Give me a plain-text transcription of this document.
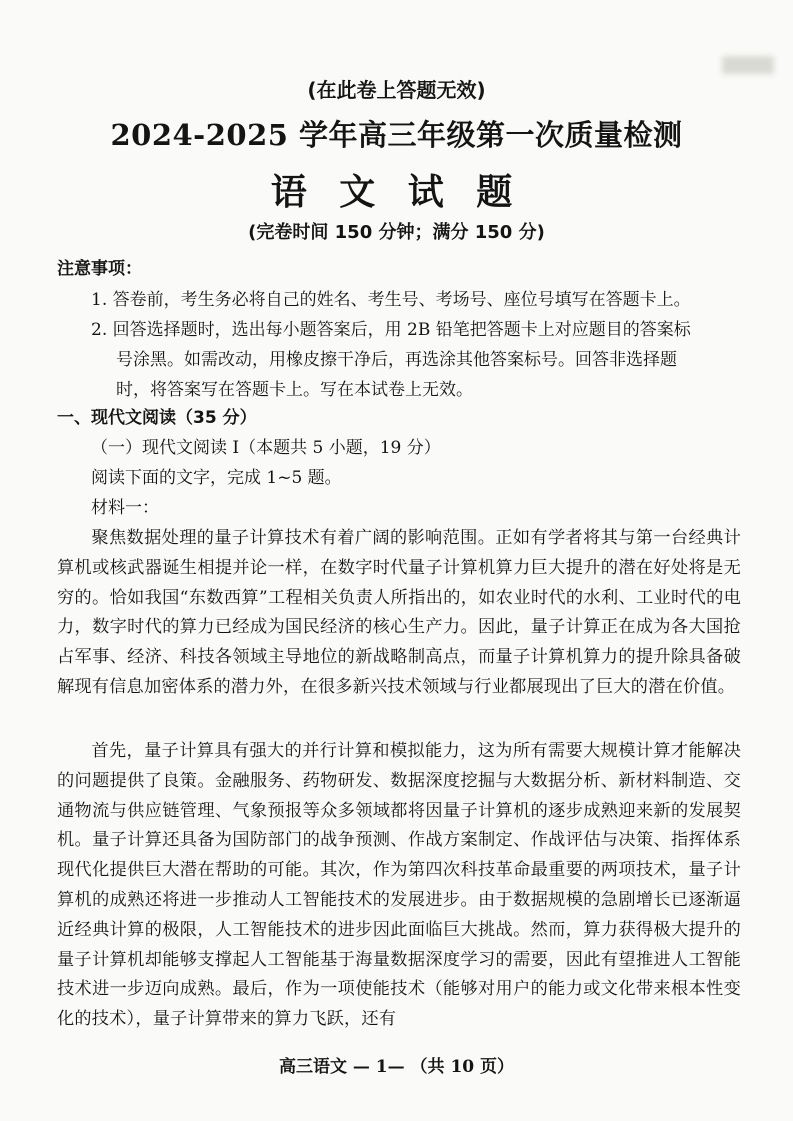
(在此卷上答题无效)
2024-2025 学年高三年级第一次质量检测
语 文 试 题
(完卷时间 150 分钟；满分 150 分)
注意事项：
1. 答卷前，考生务必将自己的姓名、考生号、考场号、座位号填写在答题卡上。
2. 回答选择题时，选出每小题答案后，用 2B 铅笔把答题卡上对应题目的答案标
号涂黑。如需改动，用橡皮擦干净后，再选涂其他答案标号。回答非选择题
时，将答案写在答题卡上。写在本试卷上无效。
一、现代文阅读（35 分）
（一）现代文阅读 I（本题共 5 小题，19 分）
阅读下面的文字，完成 1~5 题。
材料一：

聚焦数据处理的量子计算技术有着广阔的影响范围。正如有学者将其与第一台经典计算机或核武器诞生相提并论一样，在数字时代量子计算机算力巨大提升的潜在好处将是无穷的。恰如我国“东数西算”工程相关负责人所指出的，如农业时代的水利、工业时代的电力，数字时代的算力已经成为国民经济的核心生产力。因此，量子计算正在成为各大国抢占军事、经济、科技各领域主导地位的新战略制高点，而量子计算机算力的提升除具备破解现有信息加密体系的潜力外，在很多新兴技术领域与行业都展现出了巨大的潜在价值。

首先，量子计算具有强大的并行计算和模拟能力，这为所有需要大规模计算才能解决的问题提供了良策。金融服务、药物研发、数据深度挖掘与大数据分析、新材料制造、交通物流与供应链管理、气象预报等众多领域都将因量子计算机的逐步成熟迎来新的发展契机。量子计算还具备为国防部门的战争预测、作战方案制定、作战评估与决策、指挥体系现代化提供巨大潜在帮助的可能。其次，作为第四次科技革命最重要的两项技术，量子计算机的成熟还将进一步推动人工智能技术的发展进步。由于数据规模的急剧增长已逐渐逼近经典计算的极限，人工智能技术的进步因此面临巨大挑战。然而，算力获得极大提升的量子计算机却能够支撑起人工智能基于海量数据深度学习的需要，因此有望推进人工智能技术进一步迈向成熟。最后，作为一项使能技术（能够对用户的能力或文化带来根本性变化的技术），量子计算带来的算力飞跃，还有

高三语文 — 1— （共 10 页）
